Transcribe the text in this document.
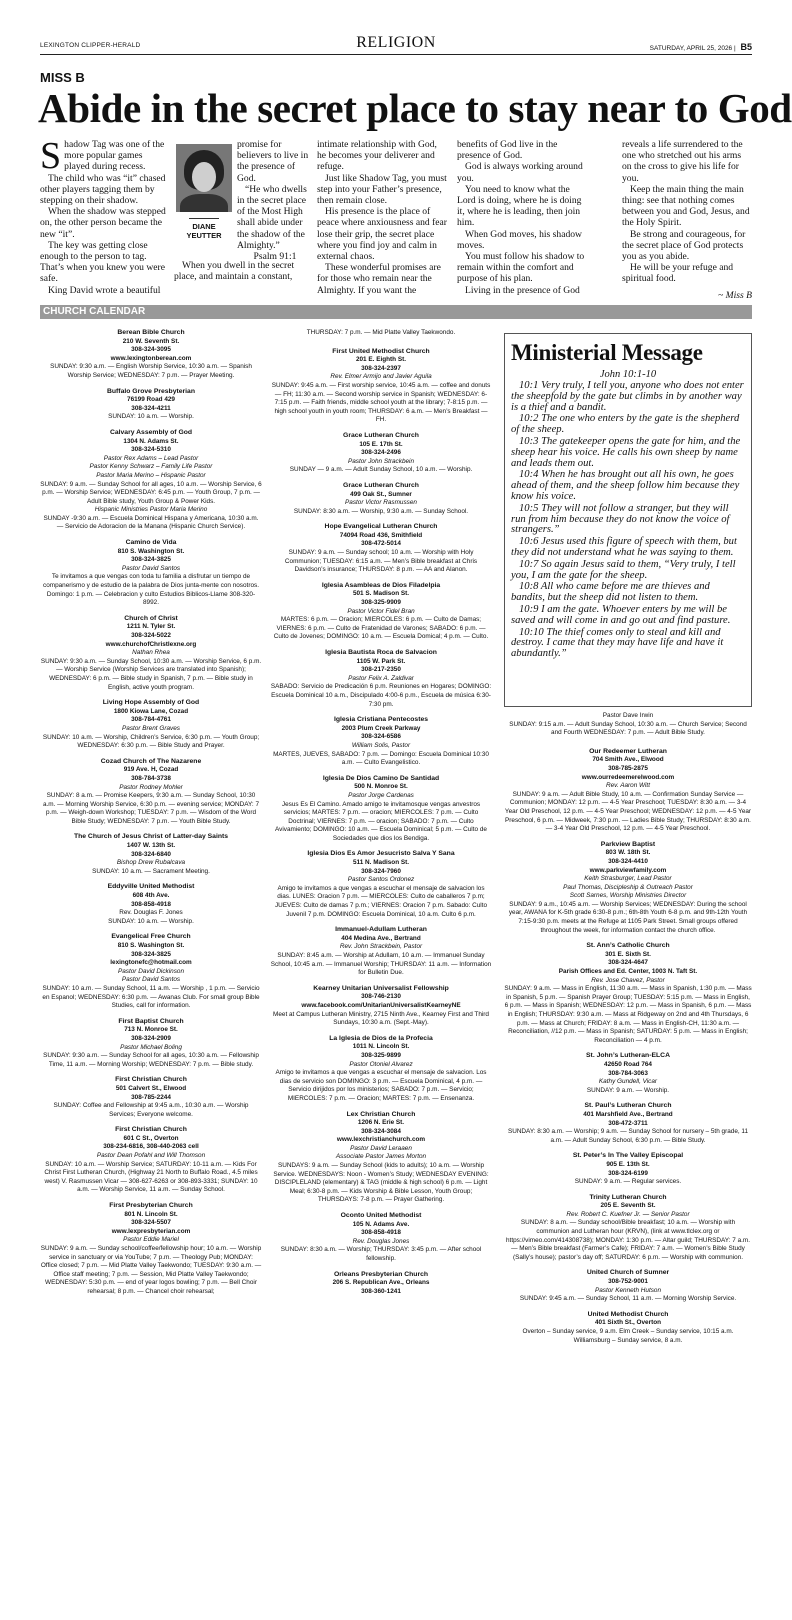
LEXINGTON CLIPPER-HERALD	RELIGION	SATURDAY, APRIL 25, 2026 | B5
MISS B
Abide in the secret place to stay near to God

Shadow Tag was one of the more popular games played during recess.

The child who was “it” chased other players tagging them by stepping on their shadow.

When the shadow was stepped on, the other person became the new “it”.

The key was getting close enough to the person to tag. That’s when you knew you were safe.

King David wrote a beautiful

DIANE
YEUTTER

promise for believers to live in the presence of God.

“He who dwells in the secret place of the Most High shall abide under the shadow of the Almighty.”

Psalm 91:1

When you dwell in the secret place, and maintain a constant,

intimate relationship with God, he becomes your deliverer and refuge.

Just like Shadow Tag, you must step into your Father’s presence, then remain close.

His presence is the place of peace where anxiousness and fear lose their grip, the secret place where you find joy and calm in external chaos.

These wonderful promises are for those who remain near the Almighty. If you want the

benefits of God live in the presence of God.

God is always working around you.

You need to know what the Lord is doing, where he is doing it, where he is leading, then join him.

When God moves, his shadow moves.

You must follow his shadow to remain within the comfort and purpose of his plan.

Living in the presence of God

reveals a life surrendered to the one who stretched out his arms on the cross to give his life for you.

Keep the main thing the main thing: see that nothing comes between you and God, Jesus, and the Holy Spirit.

Be strong and courageous, for the secret place of God protects you as you abide.

He will be your refuge and spiritual food.

~ Miss B
CHURCH CALENDAR
Berean Bible Church
210 W. Seventh St.
308-324-3095
www.lexingtonberean.com
SUNDAY: 9:30 a.m. — English Worship Service, 10:30 a.m. — Spanish Worship Service; WEDNESDAY: 7 p.m. — Prayer Meeting.
Buffalo Grove Presbyterian
76199 Road 429
308-324-4211
SUNDAY: 10 a.m. — Worship.
Calvary Assembly of God
1304 N. Adams St.
308-324-5310
Pastor Rex Adams – Lead Pastor
Pastor Kenny Schwarz – Family Life Pastor
Pastor Maria Merino – Hispanic Pastor
SUNDAY: 9 a.m. — Sunday School for all ages, 10 a.m. — Worship Service, 6 p.m. — Worship Service; WEDNESDAY: 6:45 p.m. — Youth Group, 7 p.m. — Adult Bible study, Youth Group & Power Kids.
Hispanic Ministries Pastor Maria Merino
SUNDAY -9:30 a.m. — Escuela Dominical Hispana y Americana, 10:30 a.m. — Servicio de Adoracion de la Manana (Hispanic Church Service).
Camino de Vida
810 S. Washington St.
308-324-3825
Pastor David Santos
Te invitamos a que vengas con toda tu familia a disfrutar un tiempo de companerismo y de estudio de la palabra de Dios junta-mente con nosotros. Domingo: 1 p.m. — Celebracion y culto Estudios Biblicos-Llame 308-320-8992.
Church of Christ
1211 N. Tyler St.
308-324-5022
www.churchofChristlexne.org
Nathan Rhea
SUNDAY: 9:30 a.m. — Sunday School, 10:30 a.m. — Worship Service, 6 p.m. — Worship Service (Worship Services are translated into Spanish); WEDNESDAY: 6 p.m. — Bible study in Spanish, 7 p.m. — Bible study in English, active youth program.
Living Hope Assembly of God
1800 Kiowa Lane, Cozad
308-784-4761
Pastor Brent Graves
SUNDAY: 10 a.m. — Worship, Children’s Service, 6:30 p.m. — Youth Group; WEDNESDAY: 6:30 p.m. — Bible Study and Prayer.
Cozad Church of The Nazarene
919 Ave. H, Cozad
308-784-3738
Pastor Rodney Mohler
SUNDAY: 8 a.m. — Promise Keepers, 9:30 a.m. — Sunday School, 10:30 a.m. — Morning Worship Service, 6:30 p.m. — evening service; MONDAY: 7 p.m. — Weigh-down Workshop; TUESDAY: 7 p.m. — Wisdom of the Word Bible Study; WEDNESDAY: 7 p.m. — Youth Bible Study.
The Church of Jesus Christ of Latter-day Saints
1407 W. 13th St.
308-324-6840
Bishop Drew Rubalcava
SUNDAY: 10 a.m. — Sacrament Meeting.
Eddyville United Methodist
608 4th Ave.
308-858-4918
Rev. Douglas F. Jones
SUNDAY: 10 a.m. — Worship.
Evangelical Free Church
810 S. Washington St.
308-324-3825
lexingtonefc@hotmail.com
Pastor David Dickinson
Pastor David Santos
SUNDAY: 10 a.m. — Sunday School, 11 a.m. — Worship , 1 p.m. — Servicio en Espanol; WEDNESDAY: 6:30 p.m. — Awanas Club. For small group Bible Studies, call for information.
First Baptist Church
713 N. Monroe St.
308-324-2909
Pastor Michael Boling
SUNDAY: 9:30 a.m. — Sunday School for all ages, 10:30 a.m. — Fellowship Time, 11 a.m. — Morning Worship; WEDNESDAY: 7 p.m. — Bible study.
First Christian Church
501 Calvert St., Elwood
308-785-2244
SUNDAY: Coffee and Fellowship at 9:45 a.m., 10:30 a.m. — Worship Services; Everyone welcome.
First Christian Church
601 C St., Overton
308-234-6816, 308-440-2063 cell
Pastor Dean Pofahl and Will Thomson
SUNDAY: 10 a.m. — Worship Service; SATURDAY: 10-11 a.m. — Kids For Christ First Lutheran Church, (Highway 21 North to Buffalo Road., 4.5 miles west) V. Rasmussen Vicar — 308-627-6263 or 308-893-3331; SUNDAY: 10 a.m. — Worship Service, 11 a.m. — Sunday School.
First Presbyterian Church
801 N. Lincoln St.
308-324-5507
www.lexpresbyterian.com
Pastor Eddie Mariel
SUNDAY: 9 a.m. — Sunday school/coffee/fellowship hour; 10 a.m. — Worship service in sanctuary or via YouTube; 7 p.m. — Theology Pub; MONDAY: Office closed; 7 p.m. — Mid Platte Valley Taekwondo; TUESDAY: 9:30 a.m. — Office staff meeting; 7 p.m. — Session, Mid Platte Valley Taekwondo; WEDNESDAY: 5:30 p.m. — end of year logos bowling; 7 p.m. — Bell Choir rehearsal; 8 p.m. — Chancel choir rehearsal;
THURSDAY: 7 p.m. — Mid Platte Valley Taekwondo.
First United Methodist Church
201 E. Eighth St.
308-324-2397
Rev. Elmer Armijo and Javier Aguila
SUNDAY: 9:45 a.m. — First worship service, 10:45 a.m. — coffee and donuts — FH; 11:30 a.m. — Second worship service in Spanish; WEDNESDAY: 6-7:15 p.m. — Faith friends, middle school youth at the library; 7-8:15 p.m. — high school youth in youth room; THURSDAY: 6 a.m. — Men’s Breakfast — FH.
Grace Lutheran Church
105 E. 17th St.
308-324-2496
Pastor John Strackbein
SUNDAY — 9 a.m. — Adult Sunday School, 10 a.m. — Worship.
Grace Lutheran Church
499 Oak St., Sumner
Pastor Victor Rasmussen
SUNDAY: 8:30 a.m. — Worship, 9:30 a.m. — Sunday School.
Hope Evangelical Lutheran Church
74094 Road 436, Smithfield
308-472-5014
SUNDAY: 9 a.m. — Sunday school; 10 a.m. — Worship with Holy Communion; TUESDAY: 6:15 a.m. — Men’s Bible breakfast at Chris Davidson’s insurance; THURSDAY: 8 p.m. — AA and Alanon.
Iglesia Asambleas de Dios Filadelpia
501 S. Madison St.
308-325-9909
Pastor Victor Fidel Bran
MARTES: 6 p.m. — Oracion; MIERCOLES: 6 p.m. — Culto de Damas; VIERNES: 6 p.m. — Culto de Fratenidad de Varones; SABADO: 6 p.m. — Culto de Jovenes; DOMINGO: 10 a.m. — Escuela Domical; 4 p.m. — Culto.
Iglesia Bautista Roca de Salvacion
1105 W. Park St.
308-217-2350
Pastor Felix A. Zaldivar
SABADO: Servicio de Predicación 6 p.m. Reuniones en Hogares; DOMINGO: Escuela Dominical 10 a.m., Discipulado 4:00-6 p.m., Escuela de música 6:30-7:30 pm.
Iglesia Cristiana Pentecostes
2003 Plum Creek Parkway
308-324-6586
William Solis, Pastor
MARTES, JUEVES, SABADO: 7 p.m. — Domingo: Escuela Dominical 10:30 a.m. — Culto Evangelistico.
Iglesia De Dios Camino De Santidad
500 N. Monroe St.
Pastor Jorge Cardenas
Jesus Es El Camino. Amado amigo te invitamosque vengas anvestros servicios; MARTES: 7 p.m. — oracion; MIERCOLES: 7 p.m. — Culto Doctrinal; VIERNES: 7 p.m. — oracion; SABADO: 7 p.m. — Culto Avivamiento; DOMINGO: 10 a.m. — Escuela Dominical; 5 p.m. — Culto de Sociedades que dios los Bendiga.
Iglesia Dios Es Amor Jesucristo Salva Y Sana
511 N. Madison St.
308-324-7960
Pastor Santos Ordonez
Amigo te invitamos a que vengas a escuchar el mensaje de salvacion los dias. LUNES: Oracion 7 p.m. — MIERCOLES: Culto de caballeros 7 p.m; JUEVES: Culto de damas 7 p.m.; VIERNES: Oracion 7 p.m. Sabado: Culto Juvenil 7 p.m. DOMINGO: Escuela Dominical, 10 a.m. Culto 6 p.m.
Immanuel-Adullam Lutheran
404 Medina Ave., Bertrand
Rev. John Strackbein, Pastor
SUNDAY: 8:45 a.m. — Worship at Adullam, 10 a.m. — Immanuel Sunday School, 10:45 a.m. — Immanuel Worship; THURSDAY: 11 a.m. — Information for Bulletin Due.
Kearney Unitarian Universalist Fellowship
308-746-2130
www.facebook.com/UnitarianUniversalistKearneyNE
Meet at Campus Lutheran Ministry, 2715 Ninth Ave., Kearney First and Third Sundays, 10:30 a.m. (Sept.-May).
La Iglesia de Dios de la Profecia
1011 N. Lincoln St.
308-325-9899
Pastor Otoniel Alvarez
Amigo te invitamos a que vengas a escuchar el mensaje de salvacion. Los dias de servicio son DOMINGO: 3 p.m. — Escuela Dominical, 4 p.m. — Servicio dirijidos por los ministerios; SABADO: 7 p.m. — Servicio; MIERCOLES: 7 p.m. — Oracion; MARTES: 7 p.m. — Ensenanza.
Lex Christian Church
1206 N. Erie St.
308-324-3084
www.lexchristianchurch.com
Pastor David Leraaen
Associate Pastor James Morton
SUNDAYS: 9 a.m. — Sunday School (kids to adults); 10 a.m. — Worship Service. WEDNESDAYS: Noon - Women’s Study; WEDNESDAY EVENING: DISCIPLELAND (elementary) & TAG (middle & high school) 6 p.m. — Light Meal; 6:30-8 p.m. — Kids Worship & Bible Lesson, Youth Group; THURSDAYS: 7-8 p.m. — Prayer Gathering.
Oconto United Methodist
105 N. Adams Ave.
308-858-4918
Rev. Douglas Jones
SUNDAY: 8:30 a.m. — Worship; THURSDAY: 3:45 p.m. — After school fellowship.
Orleans Presbyterian Church
206 S. Republican Ave., Orleans
308-360-1241
Ministerial Message
John 10:1-10
10:1 Very truly, I tell you, anyone who does not enter the sheepfold by the gate but climbs in by another way is a thief and a bandit.
10:2 The one who enters by the gate is the shepherd of the sheep.
10:3 The gatekeeper opens the gate for him, and the sheep hear his voice. He calls his own sheep by name and leads them out.
10:4 When he has brought out all his own, he goes ahead of them, and the sheep follow him because they know his voice.
10:5 They will not follow a stranger, but they will run from him because they do not know the voice of strangers.”
10:6 Jesus used this figure of speech with them, but they did not understand what he was saying to them.
10:7 So again Jesus said to them, “Very truly, I tell you, I am the gate for the sheep.
10:8 All who came before me are thieves and bandits, but the sheep did not listen to them.
10:9 I am the gate. Whoever enters by me will be saved and will come in and go out and find pasture.
10:10 The thief comes only to steal and kill and destroy. I came that they may have life and have it abundantly.”
Pastor Dave Irwin
SUNDAY: 9:15 a.m. — Adult Sunday School, 10:30 a.m. — Church Service; Second and Fourth WEDNESDAY: 7 p.m. — Adult Bible Study.
Our Redeemer Lutheran
704 Smith Ave., Elwood
308-785-2875
www.ourredeemerelwood.com
Rev. Aaron Witt
SUNDAY: 9 a.m. — Adult Bible Study, 10 a.m. — Confirmation Sunday Service — Communion; MONDAY: 12 p.m. — 4-5 Year Preschool; TUESDAY: 8:30 a.m. — 3-4 Year Old Preschool, 12 p.m. — 4-5 Year Preschool; WEDNESDAY: 12 p.m. — 4-5 Year Preschool, 6 p.m. — Midweek, 7:30 p.m. — Ladies Bible Study; THURSDAY: 8:30 a.m. — 3-4 Year Old Preschool, 12 p.m. — 4-5 Year Preschool.
Parkview Baptist
803 W. 18th St.
308-324-4410
www.parkviewfamily.com
Keith Strasburger, Lead Pastor
Paul Thomas, Discipleship & Outreach Pastor
Scott Sarnes, Worship Ministries Director
SUNDAY: 9 a.m., 10:45 a.m. — Worship Services; WEDNESDAY: During the school year, AWANA for K-5th grade 6:30-8 p.m.; 6th-8th Youth 6-8 p.m. and 9th-12th Youth 7:15-9:30 p.m. meets at the Refuge at 1105 Park Street. Small groups offered throughout the week, for information contact the church office.
St. Ann’s Catholic Church
301 E. Sixth St.
308-324-4647
Parish Offices and Ed. Center, 1003 N. Taft St.
Rev. Jose Chavez, Pastor
SUNDAY: 9 a.m. — Mass in English, 11:30 a.m. — Mass in Spanish, 1:30 p.m. — Mass in Spanish, 5 p.m. — Spanish Prayer Group; TUESDAY: 5:15 p.m. — Mass in English, 6 p.m. — Mass in Spanish; WEDNESDAY: 12 p.m. — Mass in Spanish, 6 p.m. — Mass in English; THURSDAY: 9:30 a.m. — Mass at Ridgeway on 2nd and 4th Thursdays, 6 p.m. — Mass at Church; FRIDAY: 8 a.m. — Mass in English-CH, 11:30 a.m. — Reconciliation, //12 p.m. — Mass in Spanish; SATURDAY: 5 p.m. — Mass in English; Reconciliation — 4 p.m.
St. John’s Lutheran-ELCA
42650 Road 764
308-784-3063
Kathy Gundell, Vicar
SUNDAY: 9 a.m. — Worship.
St. Paul’s Lutheran Church
401 Marshfield Ave., Bertrand
308-472-3711
SUNDAY: 8:30 a.m. — Worship; 9 a.m. — Sunday School for nursery – 5th grade, 11 a.m. — Adult Sunday School, 6:30 p.m. — Bible Study.
St. Peter’s In The Valley Episcopal
905 E. 13th St.
308-324-6199
SUNDAY: 9 a.m. — Regular services.
Trinity Lutheran Church
205 E. Seventh St.
Rev. Robert C. Kuefner Jr. — Senior Pastor
SUNDAY: 8 a.m. — Sunday school/Bible breakfast; 10 a.m. — Worship with communion and Lutheran hour (KRVN), (link at www.tlclex.org or https://vimeo.com/414308738); MONDAY: 1:30 p.m. — Altar guild; THURSDAY: 7 a.m. — Men’s Bible breakfast (Farmer’s Cafe); FRIDAY: 7 a.m. — Women’s Bible Study (Sally’s house); pastor’s day off; SATURDAY: 6 p.m. — Worship with communion.
United Church of Sumner
308-752-9001
Pastor Kenneth Hutson
SUNDAY: 9:45 a.m. — Sunday School, 11 a.m. — Morning Worship Service.
United Methodist Church
401 Sixth St., Overton
Overton – Sunday service, 9 a.m. Elm Creek – Sunday service, 10:15 a.m. Williamsburg – Sunday service, 8 a.m.
